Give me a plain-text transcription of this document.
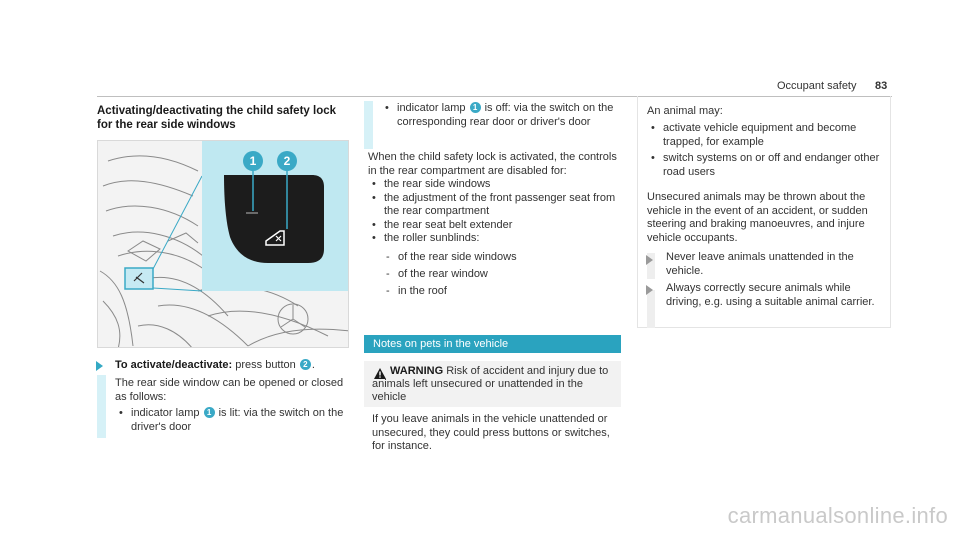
Occupant safety 83
Activating/deactivating the child safety lock for the rear side windows
1 2
To activate/deactivate: press button 2 .
The rear side window can be opened or closed as follows:
• indicator lamp 1 is lit: via the switch on the driver's door
• indicator lamp 1 is off: via the switch on the corresponding rear door or driver's door
When the child safety lock is activated, the controls in the rear compartment are disabled for:
• the rear side windows
• the adjustment of the front passenger seat from the rear compartment
• the rear seat belt extender
• the roller sunblinds:
- of the rear side windows
- of the rear window
- in the roof
Notes on pets in the vehicle
WARNING Risk of accident and injury due to animals left unsecured or unattended in the vehicle
If you leave animals in the vehicle unattended or unsecured, they could press buttons or switches, for instance.
An animal may:
• activate vehicle equipment and become trapped, for example
• switch systems on or off and endanger other road users
Unsecured animals may be thrown about the vehicle in the event of an accident, or sudden steering and braking manoeuvres, and injure vehicle occupants.
Never leave animals unattended in the vehicle.
Always correctly secure animals while driving, e.g. using a suitable animal carrier.
carmanualsonline.info
